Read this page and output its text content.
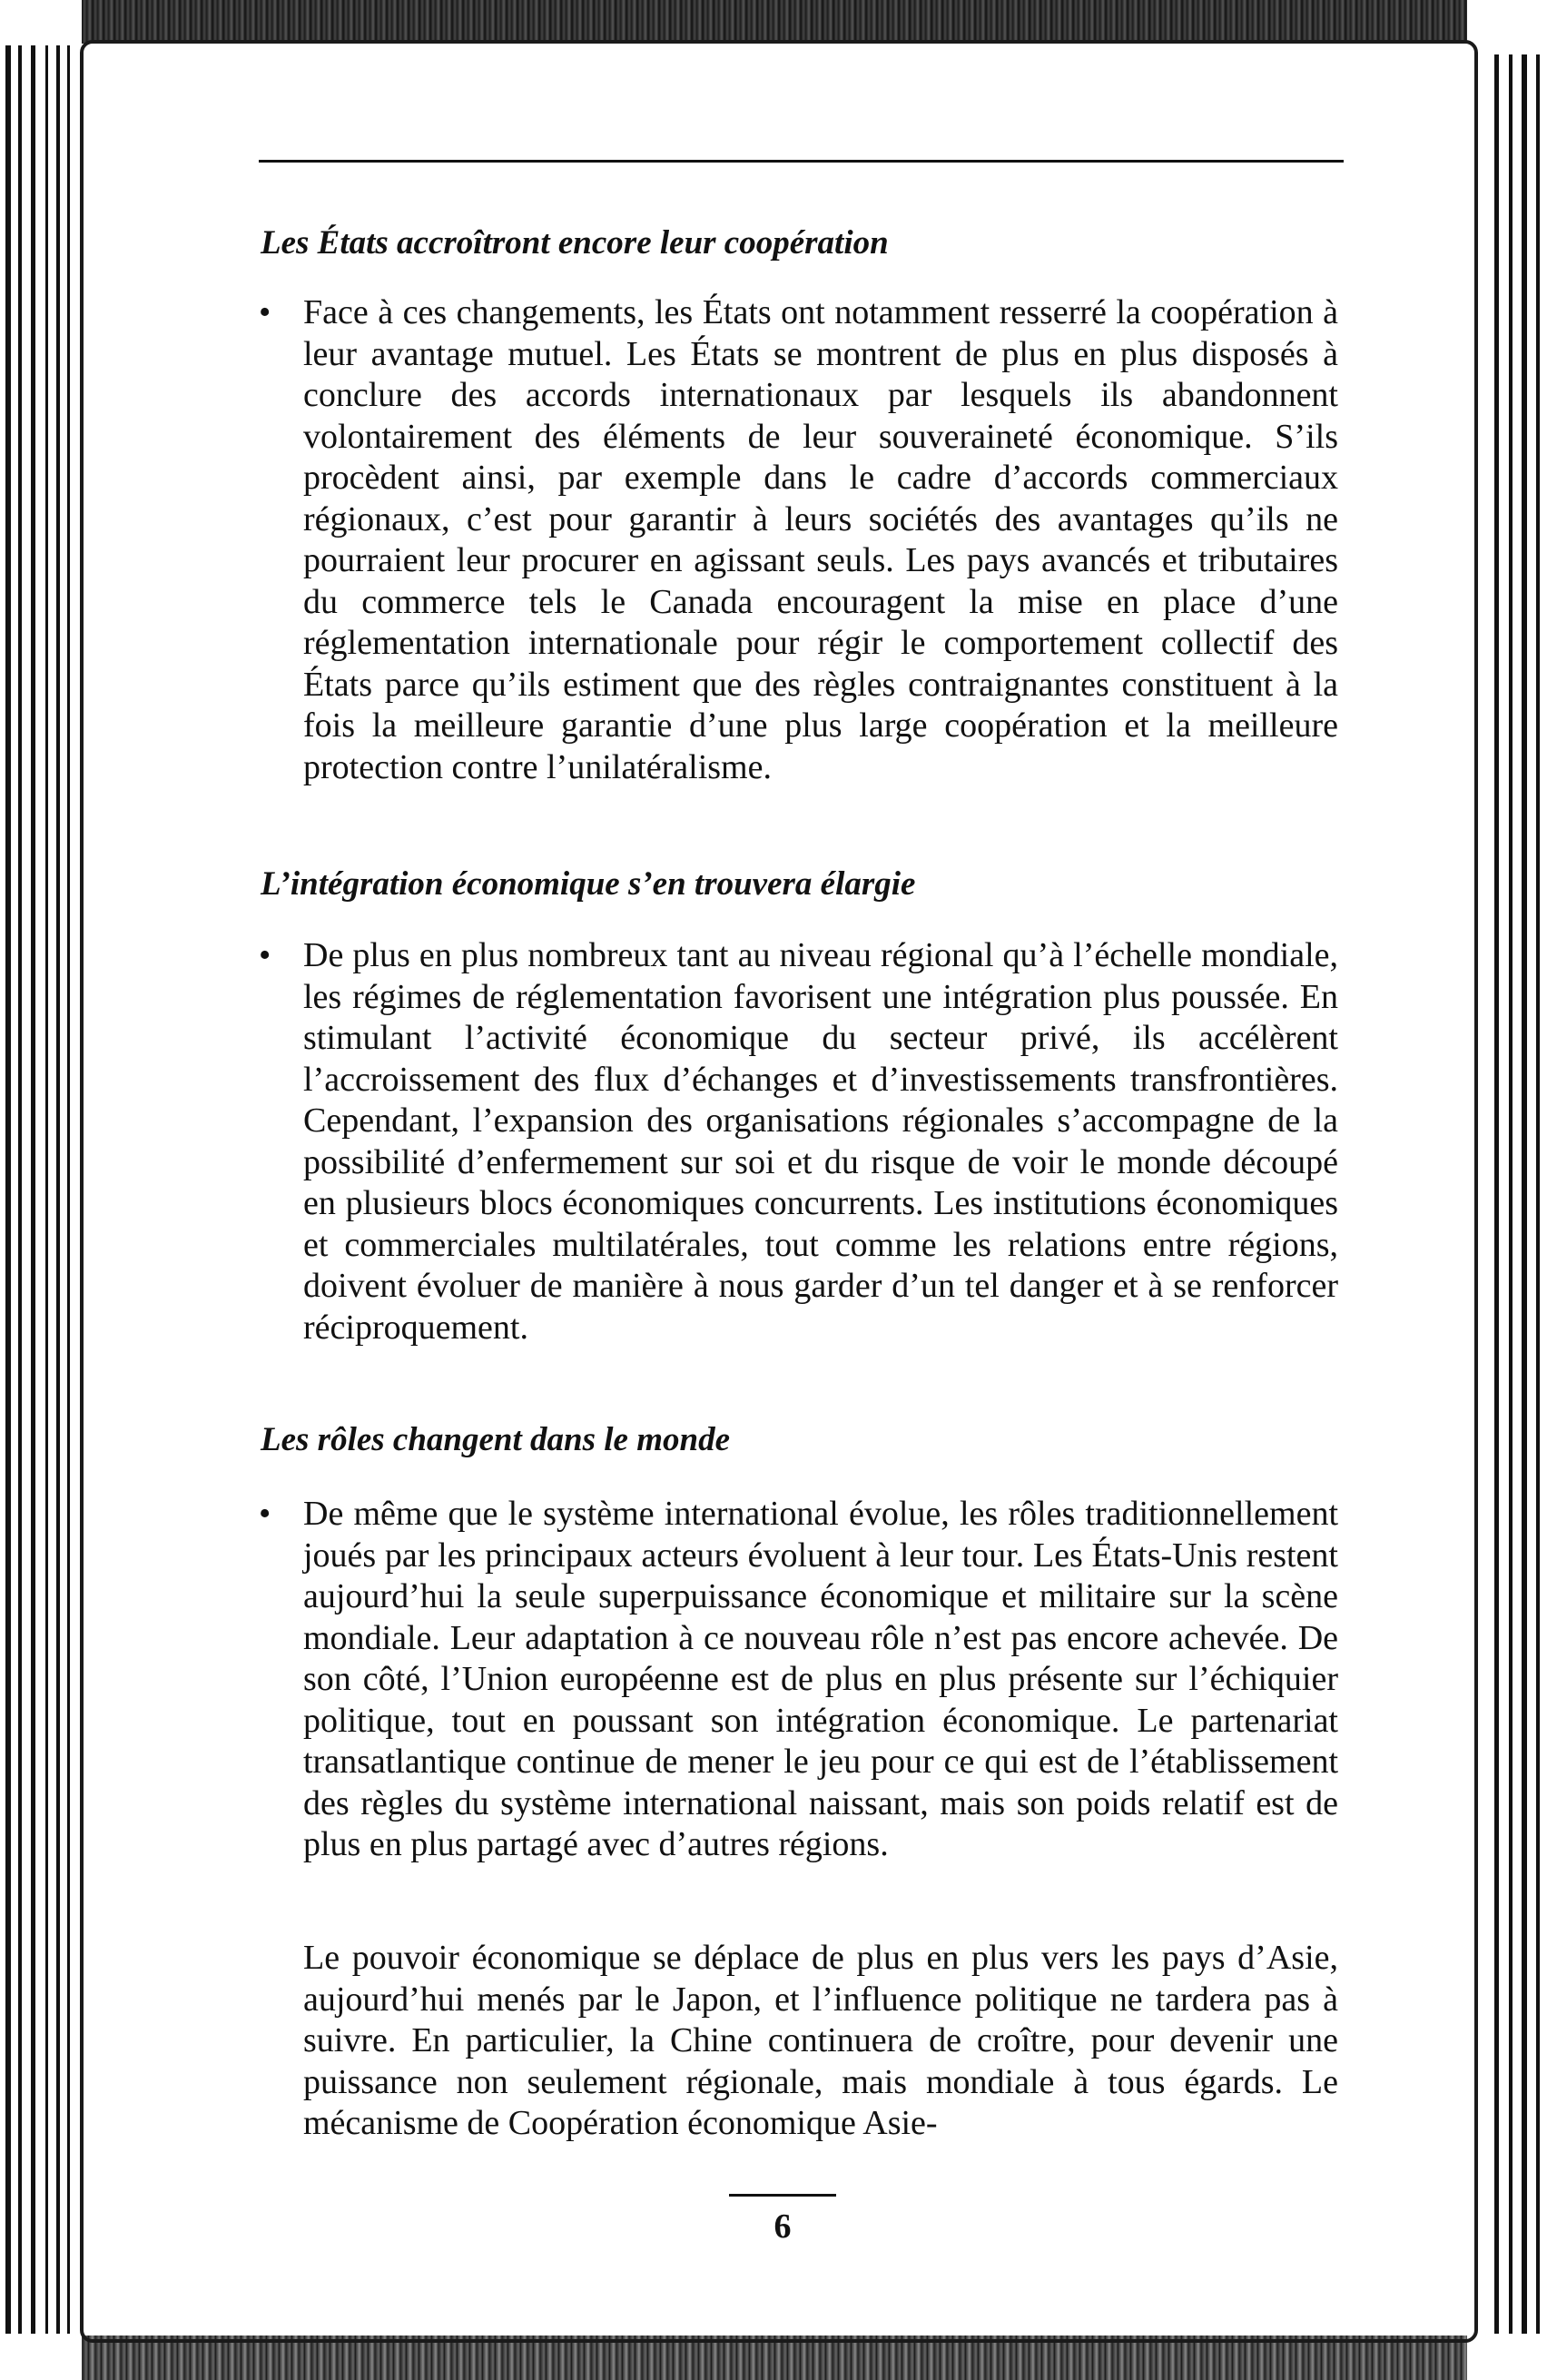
Les États accroîtront encore leur coopération
• Face à ces changements, les États ont notamment resserré la coopération à leur avantage mutuel. Les États se montrent de plus en plus disposés à conclure des accords internationaux par lesquels ils abandonnent volontairement des éléments de leur souveraineté économique. S’ils procèdent ainsi, par exemple dans le cadre d’accords commerciaux régionaux, c’est pour garantir à leurs sociétés des avantages qu’ils ne pourraient leur procurer en agissant seuls. Les pays avancés et tributaires du commerce tels le Canada encouragent la mise en place d’une réglementation internationale pour régir le comportement collectif des États parce qu’ils estiment que des règles contraignantes constituent à la fois la meilleure garantie d’une plus large coopération et la meilleure protection contre l’unilatéralisme.

L’intégration économique s’en trouvera élargie
• De plus en plus nombreux tant au niveau régional qu’à l’échelle mondiale, les régimes de réglementation favorisent une intégration plus poussée. En stimulant l’activité économique du secteur privé, ils accélèrent l’accroissement des flux d’échanges et d’investissements transfrontières. Cependant, l’expansion des organisations régionales s’accompagne de la possibilité d’enfermement sur soi et du risque de voir le monde découpé en plusieurs blocs économiques concurrents. Les institutions économiques et commerciales multilatérales, tout comme les relations entre régions, doivent évoluer de manière à nous garder d’un tel danger et à se renforcer réciproquement.

Les rôles changent dans le monde
• De même que le système international évolue, les rôles traditionnellement joués par les principaux acteurs évoluent à leur tour. Les États-Unis restent aujourd’hui la seule superpuissance économique et militaire sur la scène mondiale. Leur adaptation à ce nouveau rôle n’est pas encore achevée. De son côté, l’Union européenne est de plus en plus présente sur l’échiquier politique, tout en poussant son intégration économique. Le partenariat transatlantique continue de mener le jeu pour ce qui est de l’établissement des règles du système international naissant, mais son poids relatif est de plus en plus partagé avec d’autres régions.

Le pouvoir économique se déplace de plus en plus vers les pays d’Asie, aujourd’hui menés par le Japon, et l’influence politique ne tardera pas à suivre. En particulier, la Chine continuera de croître, pour devenir une puissance non seulement régionale, mais mondiale à tous égards. Le mécanisme de Coopération économique Asie-

6
